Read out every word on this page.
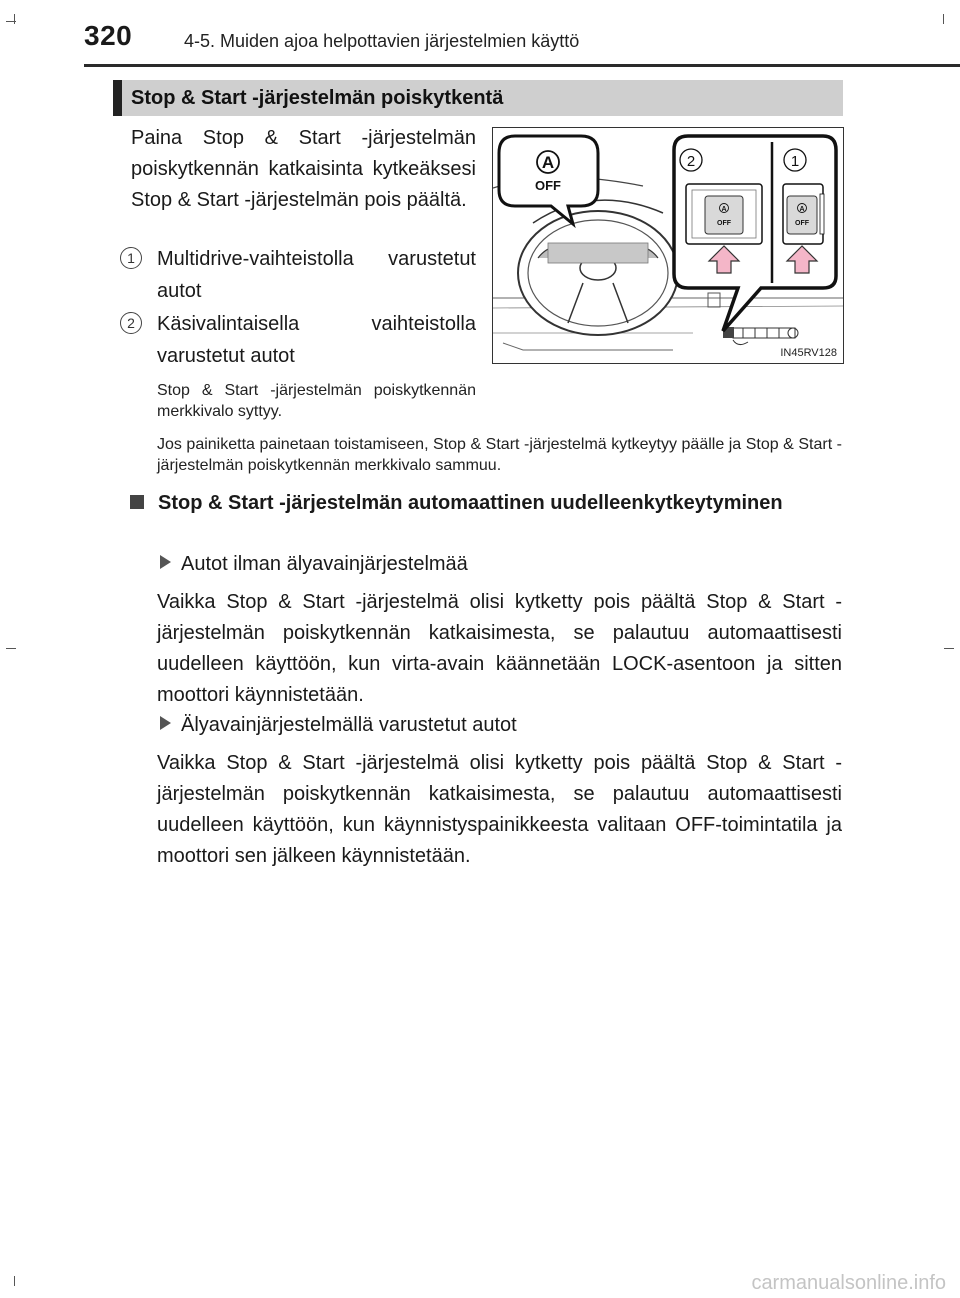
320	4-5. Muiden ajoa helpottavien järjestelmien käyttö
Stop & Start -järjestelmän poiskytkentä
Paina Stop & Start -järjestelmän poiskytkennän katkaisinta kytkeäksesi Stop & Start -järjestelmän pois päältä.
1	Multidrive-vaihteistolla varustetut autot
2	Käsivalintaisella vaihteistolla varustetut autot
Stop & Start -järjestelmän poiskytkennän merkkivalo syttyy.
Jos painiketta painetaan toistamiseen, Stop & Start -järjestelmä kytkeytyy päälle ja Stop & Start -järjestelmän poiskytkennän merkkivalo sammuu.
A
OFF
2	1
A
OFF
A
OFF
IN45RV128
Stop & Start -järjestelmän automaattinen uudelleenkytkeytyminen
Autot ilman älyavainjärjestelmää
Vaikka Stop & Start -järjestelmä olisi kytketty pois päältä Stop & Start -järjestelmän poiskytkennän katkaisimesta, se palautuu automaattisesti uudelleen käyttöön, kun virta-avain käännetään LOCK-asentoon ja sitten moottori käynnistetään.
Älyavainjärjestelmällä varustetut autot
Vaikka Stop & Start -järjestelmä olisi kytketty pois päältä Stop & Start -järjestelmän poiskytkennän katkaisimesta, se palautuu automaattisesti uudelleen käyttöön, kun käynnistyspainikkeesta valitaan OFF-toimintatila ja moottori sen jälkeen käynnistetään.
carmanualsonline.info
